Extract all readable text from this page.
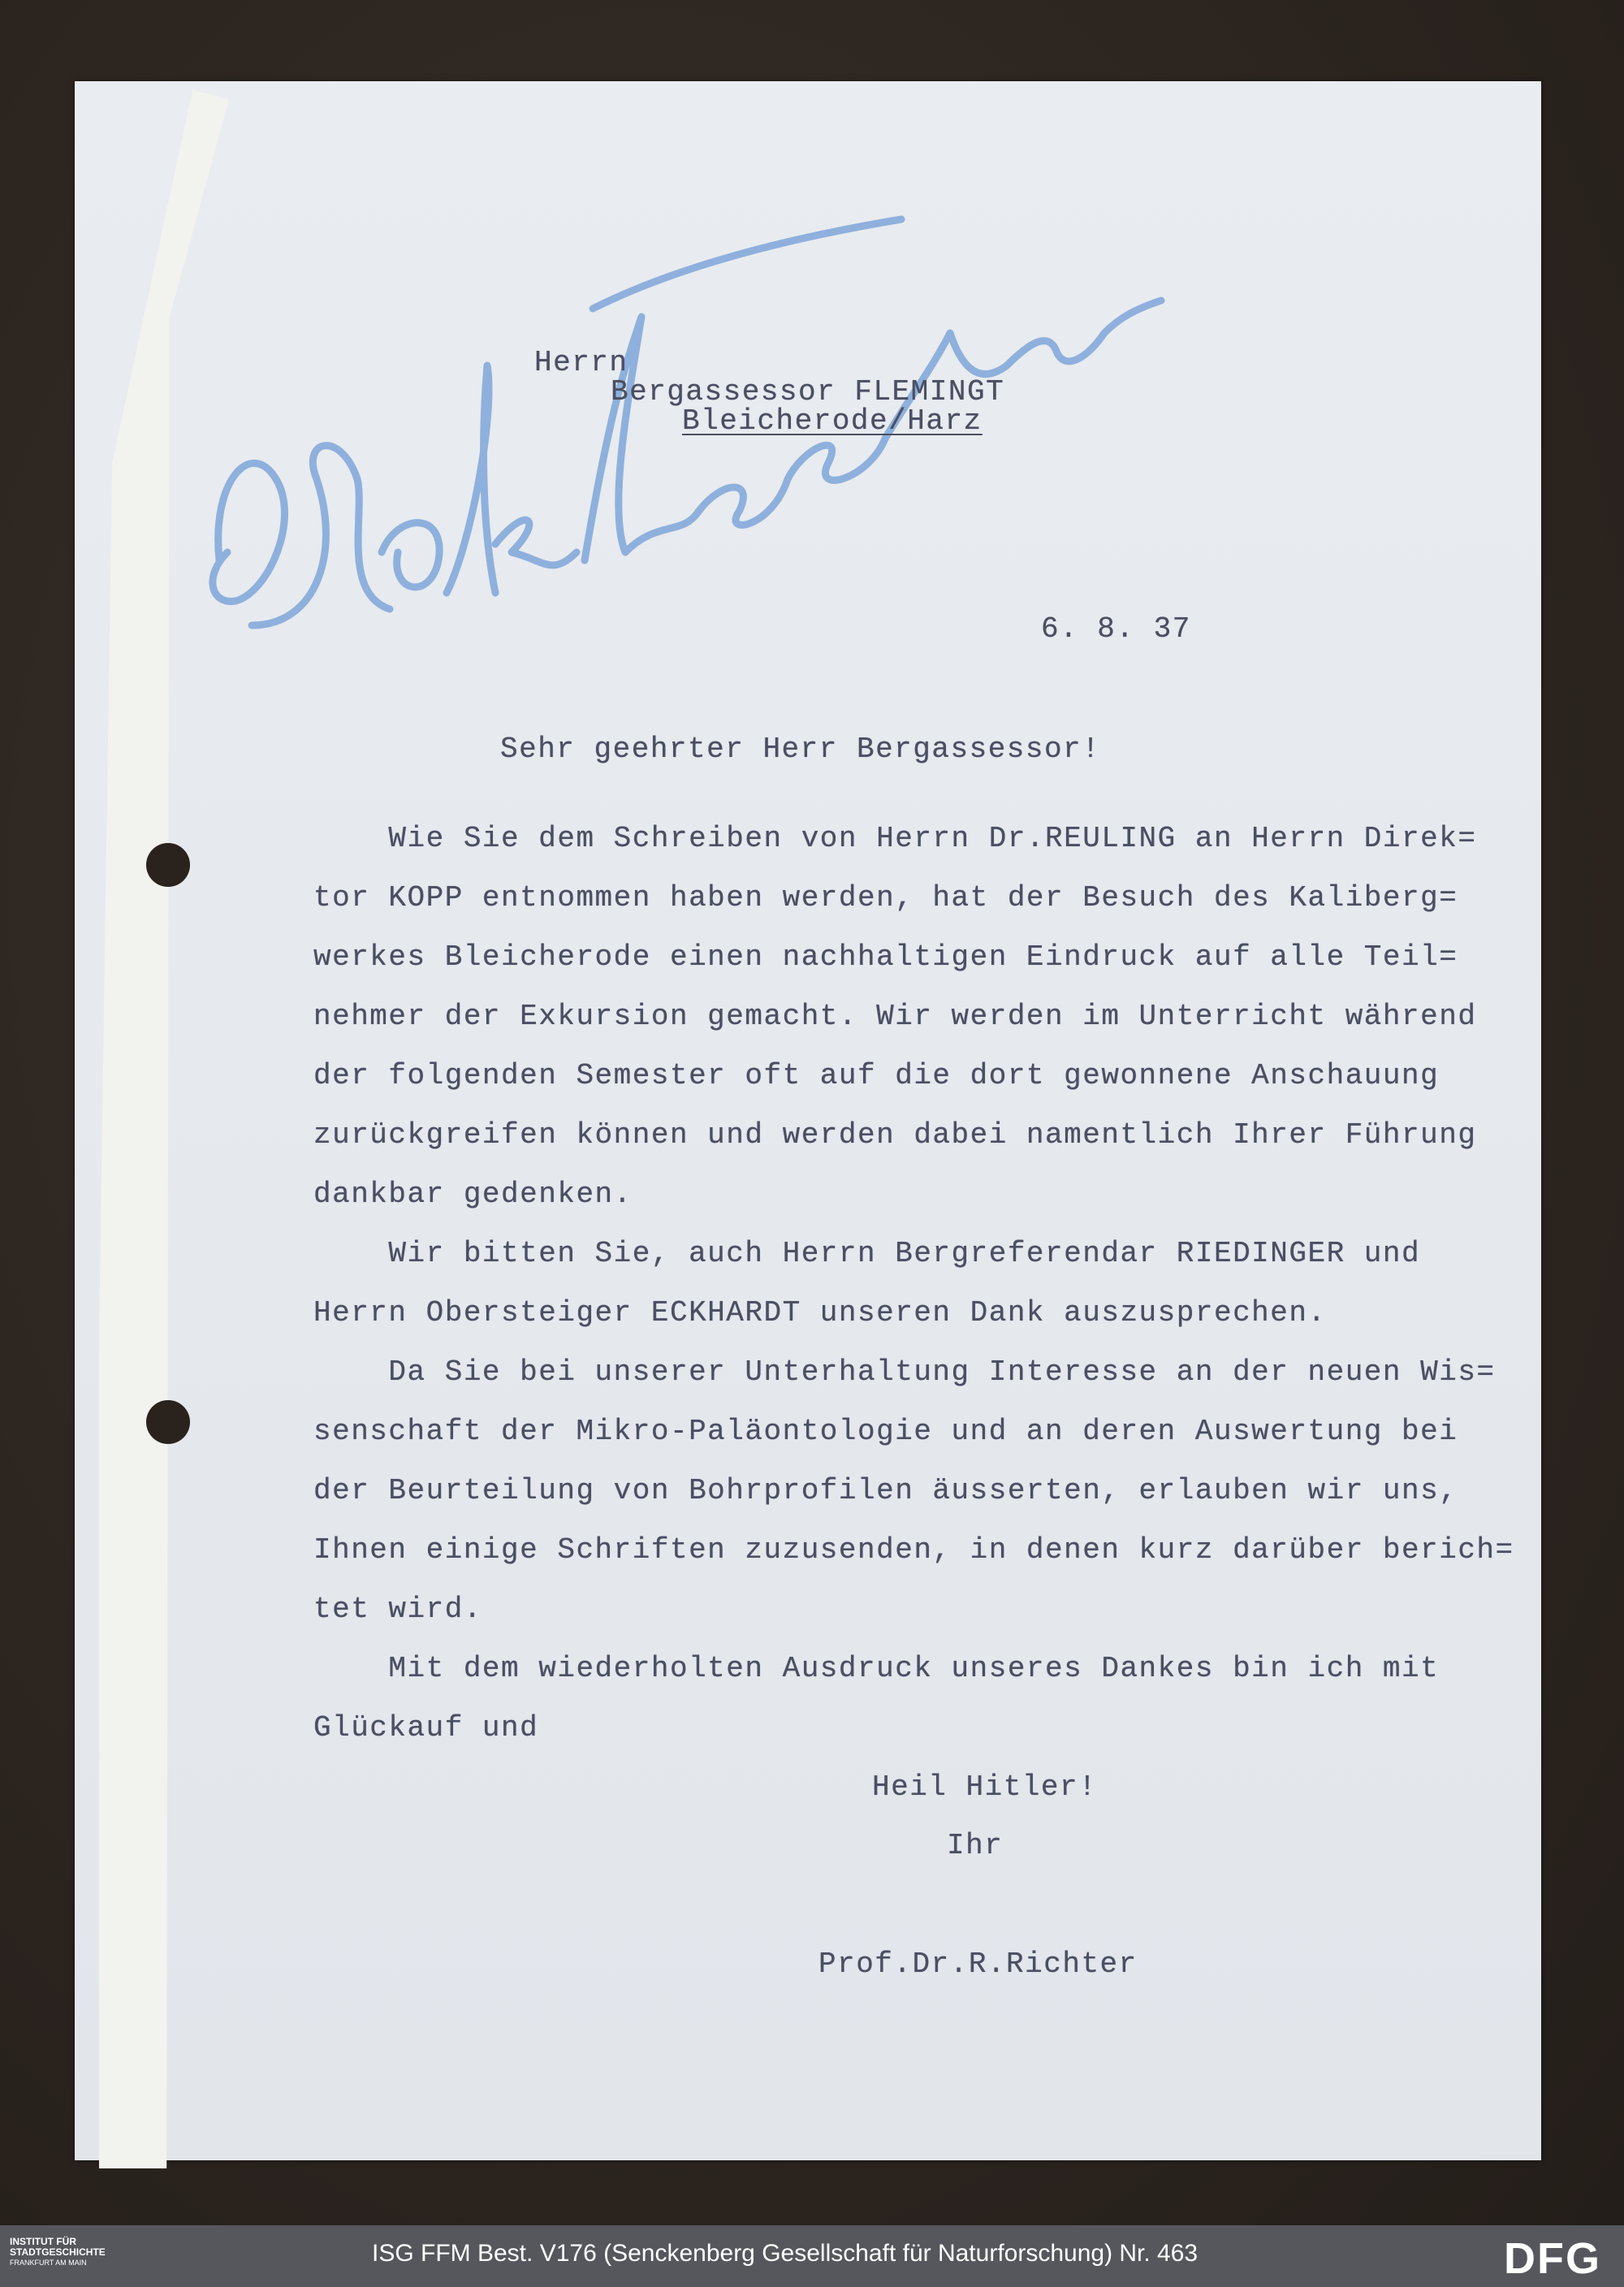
Herrn
Bergassessor FLEMINGT
Bleicherode/Harz
6. 8. 37
Sehr geehrter Herr Bergassessor!
Wie Sie dem Schreiben von Herrn Dr.REULING an Herrn Direk=
tor KOPP entnommen haben werden, hat der Besuch des Kaliberg=
werkes Bleicherode einen nachhaltigen Eindruck auf alle Teil=
nehmer der Exkursion gemacht. Wir werden im Unterricht während
der folgenden Semester oft auf die dort gewonnene Anschauung
zurückgreifen können und werden dabei namentlich Ihrer Führung
dankbar gedenken.
Wir bitten Sie, auch Herrn Bergreferendar RIEDINGER und
Herrn Obersteiger ECKHARDT unseren Dank auszusprechen.
Da Sie bei unserer Unterhaltung Interesse an der neuen Wis=
senschaft der Mikro-Paläontologie und an deren Auswertung bei
der Beurteilung von Bohrprofilen äusserten, erlauben wir uns,
Ihnen einige Schriften zuzusenden, in denen kurz darüber berich=
tet wird.
Mit dem wiederholten Ausdruck unseres Dankes bin ich mit
Glückauf und
Heil Hitler!
Ihr
Prof.Dr.R.Richter
INSTITUT FÜR
STADTGESCHICHTE
FRANKFURT AM MAIN	ISG FFM Best. V176 (Senckenberg Gesellschaft für Naturforschung) Nr. 463	DFG
